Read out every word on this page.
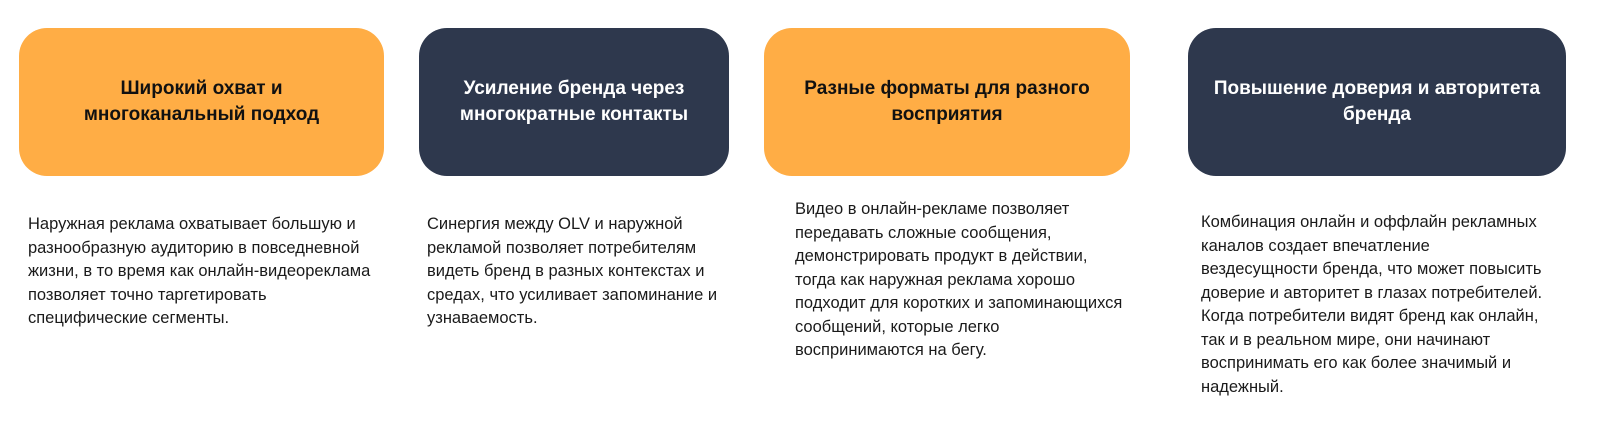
Широкий охват и многоканальный подход
Усиление бренда через многократные контакты
Разные форматы для разного восприятия
Повышение доверия и авторитета бренда
Наружная реклама охватывает большую и разнообразную аудиторию в повседневной жизни, в то время как онлайн-видеореклама позволяет точно таргетировать специфические сегменты.
Синергия между OLV и наружной рекламой позволяет потребителям видеть бренд в разных контекстах и средах, что усиливает запоминание и узнаваемость.
Видео в онлайн-рекламе позволяет передавать сложные сообщения, демонстрировать продукт в действии, тогда как наружная реклама хорошо подходит для коротких и запоминающихся сообщений, которые легко воспринимаются на бегу.
Комбинация онлайн и оффлайн рекламных каналов создает впечатление вездесущности бренда, что может повысить доверие и авторитет в глазах потребителей. Когда потребители видят бренд как онлайн, так и в реальном мире, они начинают воспринимать его как более значимый и надежный.
